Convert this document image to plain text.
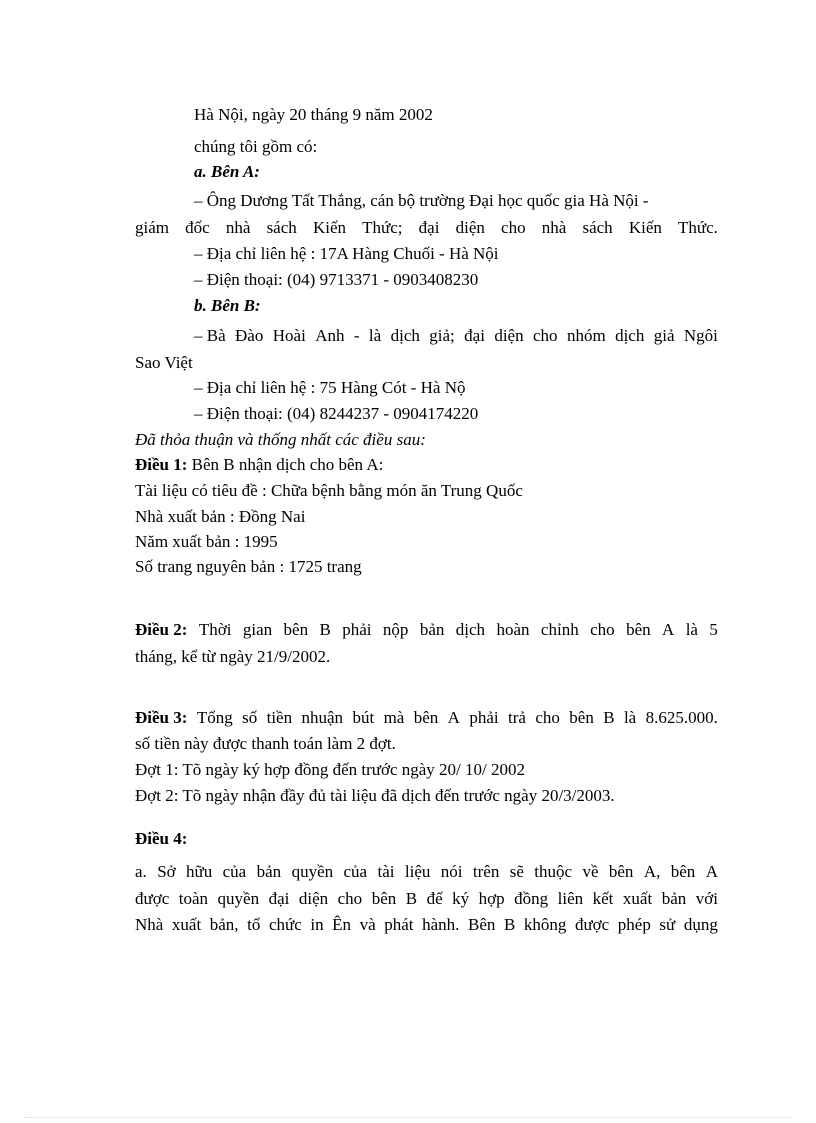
Hà Nội, ngày 20 tháng 9 năm 2002
chúng tôi gồm có:
a. Bên A:
– Ông Dương Tất Thắng, cán bộ trường Đại học quốc gia Hà Nội -
giám đốc nhà sách Kiến Thức; đại diện cho nhà sách Kiến Thức.
– Địa chỉ liên hệ : 17A Hàng Chuối - Hà Nội
– Điện thoại: (04) 9713371 - 0903408230
b. Bên B:
– Bà Đào Hoài Anh - là dịch giả; đại diện cho nhóm dịch giả Ngôi
Sao Việt
– Địa chỉ liên hệ : 75 Hàng Cót - Hà Nộ
– Điện thoại: (04) 8244237 - 0904174220
Đã thỏa thuận và thống nhất các điều sau:
Điều 1: Bên B nhận dịch cho bên A:
Tài liệu có tiêu đề : Chữa bệnh bằng món ăn Trung Quốc
Nhà xuất bản : Đồng Nai
Năm xuất bản : 1995
Số trang nguyên bản : 1725 trang
Điều 2: Thời gian bên B phải nộp bản dịch hoàn chỉnh cho bên A là 5
tháng, kể từ ngày 21/9/2002.
Điều 3: Tổng số tiền nhuận bút mà bên A phải trả cho bên B là 8.625.000.
số tiền này được thanh toán làm 2 đợt.
Đợt 1: Tõ ngày ký hợp đồng đến trước ngày 20/ 10/ 2002
Đợt 2: Tõ ngày nhận đầy đủ tài liệu đã dịch đến trước ngày 20/3/2003.
Điều 4:
a. Sở hữu của bản quyền của tài liệu nói trên sẽ thuộc về bên A, bên A
được toàn quyền đại diện cho bên B để ký hợp đồng liên kết xuất bản với
Nhà xuất bản, tổ chức in Ên và phát hành. Bên B không được phép sử dụng
